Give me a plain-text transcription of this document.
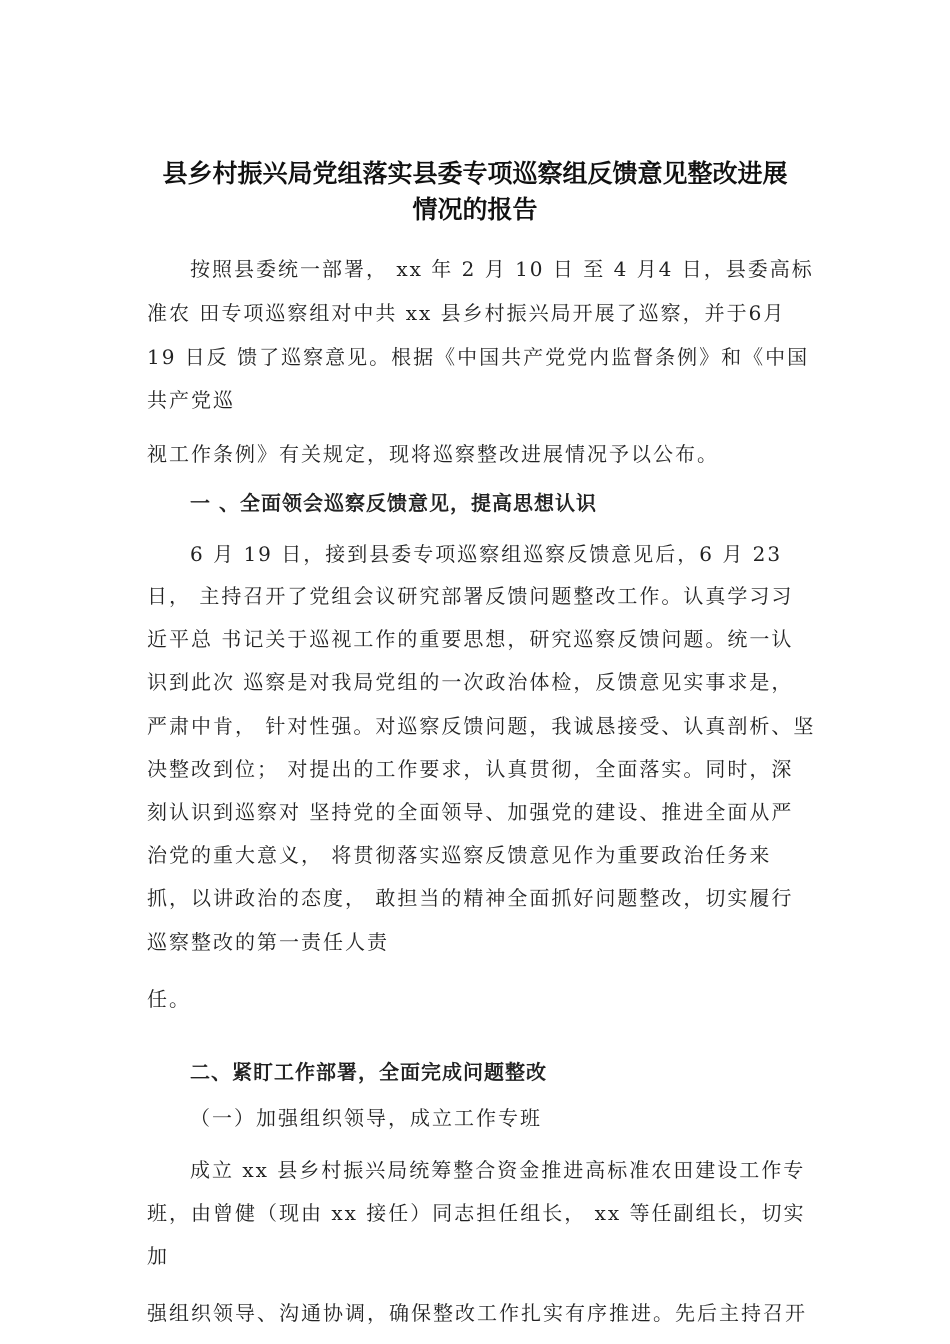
县乡村振兴局党组落实县委专项巡察组反馈意见整改进展
情况的报告
按照县委统一部署， xx 年 2 月 10 日 至 4 月4 日，县委高标
准农 田专项巡察组对中共 xx 县乡村振兴局开展了巡察，并于6月
19 日反 馈了巡察意见。根据《中国共产党党内监督条例》和《中国
共产党巡
视工作条例》有关规定，现将巡察整改进展情况予以公布。
一 、全面领会巡察反馈意见，提高思想认识
6 月 19 日，接到县委专项巡察组巡察反馈意见后，6 月 23
日， 主持召开了党组会议研究部署反馈问题整改工作。认真学习习
近平总 书记关于巡视工作的重要思想，研究巡察反馈问题。统一认
识到此次 巡察是对我局党组的一次政治体检，反馈意见实事求是，
严肃中肯， 针对性强。对巡察反馈问题，我诚恳接受、认真剖析、坚
决整改到位； 对提出的工作要求，认真贯彻，全面落实。同时，深
刻认识到巡察对 坚持党的全面领导、加强党的建设、推进全面从严
治党的重大意义， 将贯彻落实巡察反馈意见作为重要政治任务来
抓，以讲政治的态度， 敢担当的精神全面抓好问题整改，切实履行
巡察整改的第一责任人责
任。
二、紧盯工作部署，全面完成问题整改
（一）加强组织领导，成立工作专班
成立 xx 县乡村振兴局统筹整合资金推进高标准农田建设工作专
班，由曾健（现由 xx 接任）同志担任组长， xx 等任副组长，切实
加
强组织领导、沟通协调，确保整改工作扎实有序推进。先后主持召开
